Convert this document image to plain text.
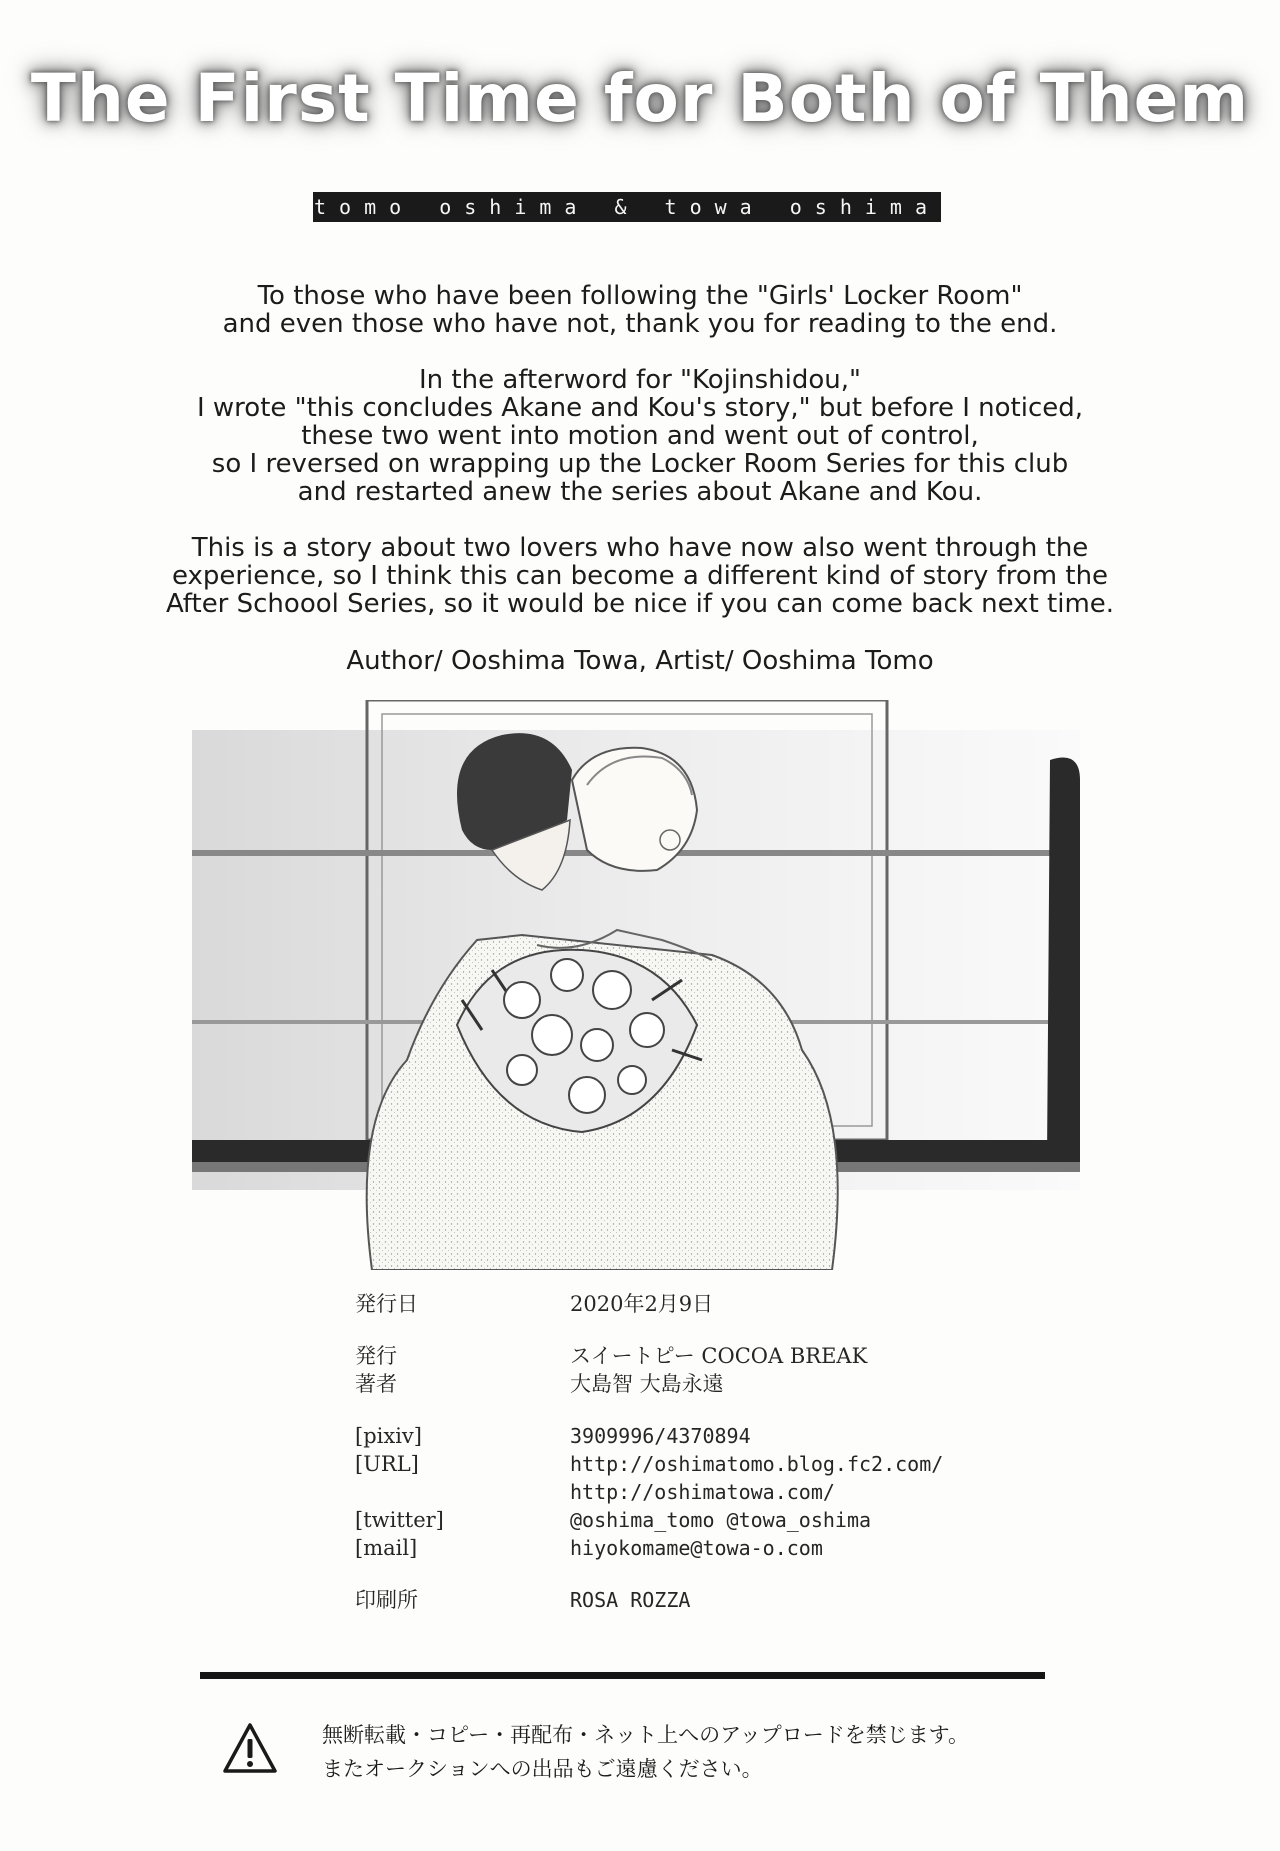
The First Time for Both of Them
tomo oshima & towa oshima

To those who have been following the "Girls' Locker Room"
and even those who have not, thank you for reading to the end.

In the afterword for "Kojinshidou,"
I wrote "this concludes Akane and Kou's story," but before I noticed,
these two went into motion and went out of control,
so I reversed on wrapping up the Locker Room Series for this club
and restarted anew the series about Akane and Kou.

This is a story about two lovers who have now also went through the
experience, so I think this can become a different kind of story from the
After Schoool Series, so it would be nice if you can come back next time.

Author/ Ooshima Towa, Artist/ Ooshima Tomo
発行日	2020年2月9日
発行	スイートピー COCOA BREAK
著者	大島智 大島永遠
[pixiv]	3909996/4370894
[URL]	http://oshimatomo.blog.fc2.com/
http://oshimatowa.com/
[twitter]	@oshima_tomo @towa_oshima
[mail]	hiyokomame@towa-o.com
印刷所	ROSA ROZZA
無断転載・コピー・再配布・ネット上へのアップロードを禁じます。
またオークションへの出品もご遠慮ください。
